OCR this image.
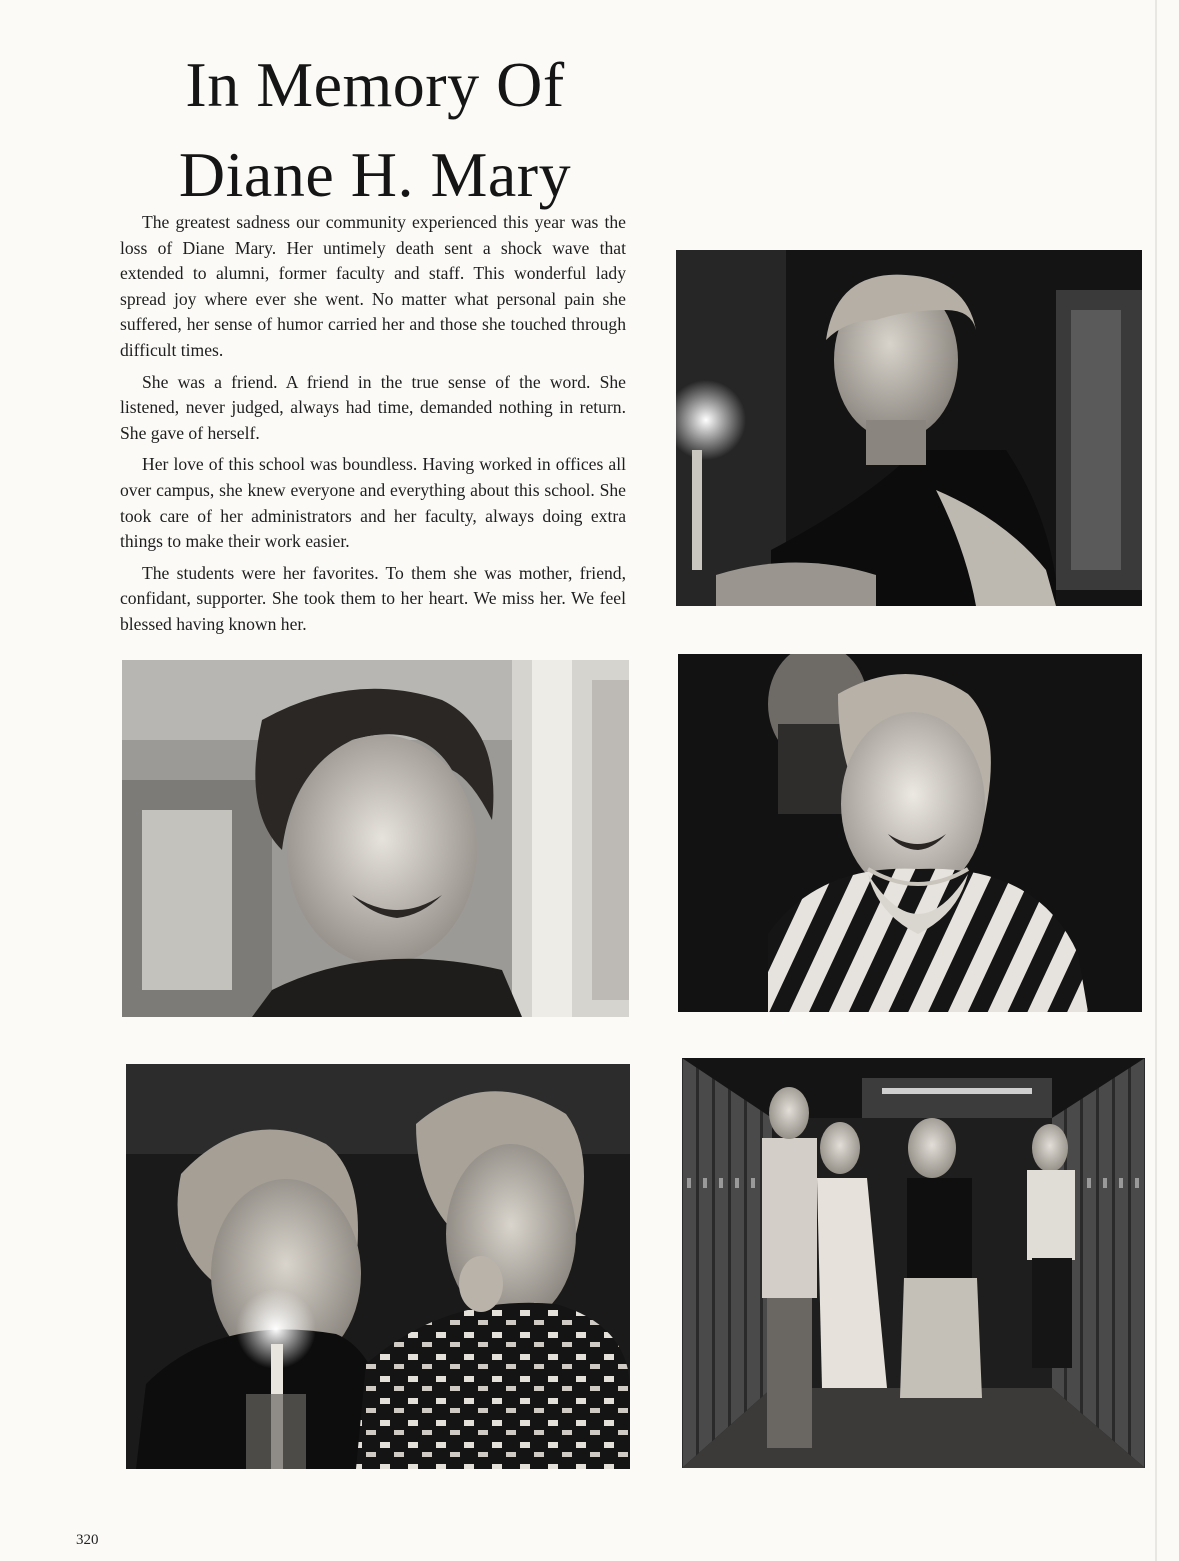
In Memory Of
Diane H. Mary

The greatest sadness our community experienced this year was the loss of Diane Mary. Her untimely death sent a shock wave that extended to alumni, former faculty and staff. This wonderful lady spread joy where ever she went. No matter what personal pain she suffered, her sense of humor carried her and those she touched through difficult times.

She was a friend. A friend in the true sense of the word. She listened, never judged, always had time, demanded nothing in return. She gave of herself.

Her love of this school was boundless. Having worked in offices all over campus, she knew everyone and everything about this school. She took care of her administrators and her faculty, always doing extra things to make their work easier.

The students were her favorites. To them she was mother, friend, confidant, supporter. She took them to her heart. We miss her. We feel blessed having known her.

320
